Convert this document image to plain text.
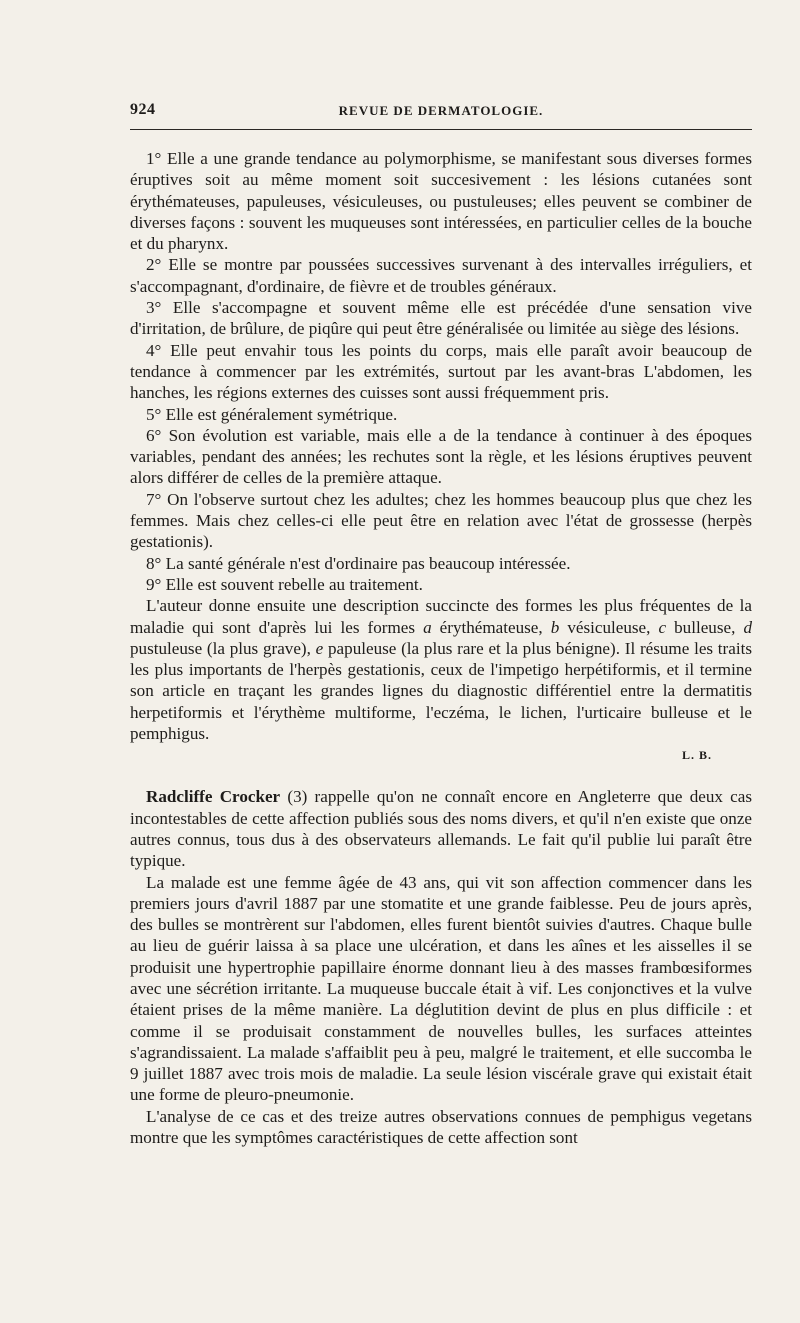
924	REVUE DE DERMATOLOGIE.

1° Elle a une grande tendance au polymorphisme, se manifestant sous diverses formes éruptives soit au même moment soit succesivement : les lésions cutanées sont érythémateuses, papuleuses, vésiculeuses, ou pustuleuses; elles peuvent se combiner de diverses façons : souvent les muqueuses sont intéressées, en particulier celles de la bouche et du pharynx.

2° Elle se montre par poussées successives survenant à des intervalles irréguliers, et s'accompagnant, d'ordinaire, de fièvre et de troubles généraux.

3° Elle s'accompagne et souvent même elle est précédée d'une sensation vive d'irritation, de brûlure, de piqûre qui peut être généralisée ou limitée au siège des lésions.

4° Elle peut envahir tous les points du corps, mais elle paraît avoir beaucoup de tendance à commencer par les extrémités, surtout par les avant-bras L'abdomen, les hanches, les régions externes des cuisses sont aussi fréquemment pris.

5° Elle est généralement symétrique.

6° Son évolution est variable, mais elle a de la tendance à continuer à des époques variables, pendant des années; les rechutes sont la règle, et les lésions éruptives peuvent alors différer de celles de la première attaque.

7° On l'observe surtout chez les adultes; chez les hommes beaucoup plus que chez les femmes. Mais chez celles-ci elle peut être en relation avec l'état de grossesse (herpès gestationis).

8° La santé générale n'est d'ordinaire pas beaucoup intéressée.

9° Elle est souvent rebelle au traitement.

L'auteur donne ensuite une description succincte des formes les plus fréquentes de la maladie qui sont d'après lui les formes a érythémateuse, b vésiculeuse, c bulleuse, d pustuleuse (la plus grave), e papuleuse (la plus rare et la plus bénigne). Il résume les traits les plus importants de l'herpès gestationis, ceux de l'impetigo herpétiformis, et il termine son article en traçant les grandes lignes du diagnostic différentiel entre la dermatitis herpetiformis et l'érythème multiforme, l'eczéma, le lichen, l'urticaire bulleuse et le pemphigus.

L. B.

Radcliffe Crocker (3) rappelle qu'on ne connaît encore en Angleterre que deux cas incontestables de cette affection publiés sous des noms divers, et qu'il n'en existe que onze autres connus, tous dus à des observateurs allemands. Le fait qu'il publie lui paraît être typique.

La malade est une femme âgée de 43 ans, qui vit son affection commencer dans les premiers jours d'avril 1887 par une stomatite et une grande faiblesse. Peu de jours après, des bulles se montrèrent sur l'abdomen, elles furent bientôt suivies d'autres. Chaque bulle au lieu de guérir laissa à sa place une ulcération, et dans les aînes et les aisselles il se produisit une hypertrophie papillaire énorme donnant lieu à des masses frambœsiformes avec une sécrétion irritante. La muqueuse buccale était à vif. Les conjonctives et la vulve étaient prises de la même manière. La déglutition devint de plus en plus difficile : et comme il se produisait constamment de nouvelles bulles, les surfaces atteintes s'agrandissaient. La malade s'affaiblit peu à peu, malgré le traitement, et elle succomba le 9 juillet 1887 avec trois mois de maladie. La seule lésion viscérale grave qui existait était une forme de pleuro-pneumonie.

L'analyse de ce cas et des treize autres observations connues de pemphigus vegetans montre que les symptômes caractéristiques de cette affection sont
